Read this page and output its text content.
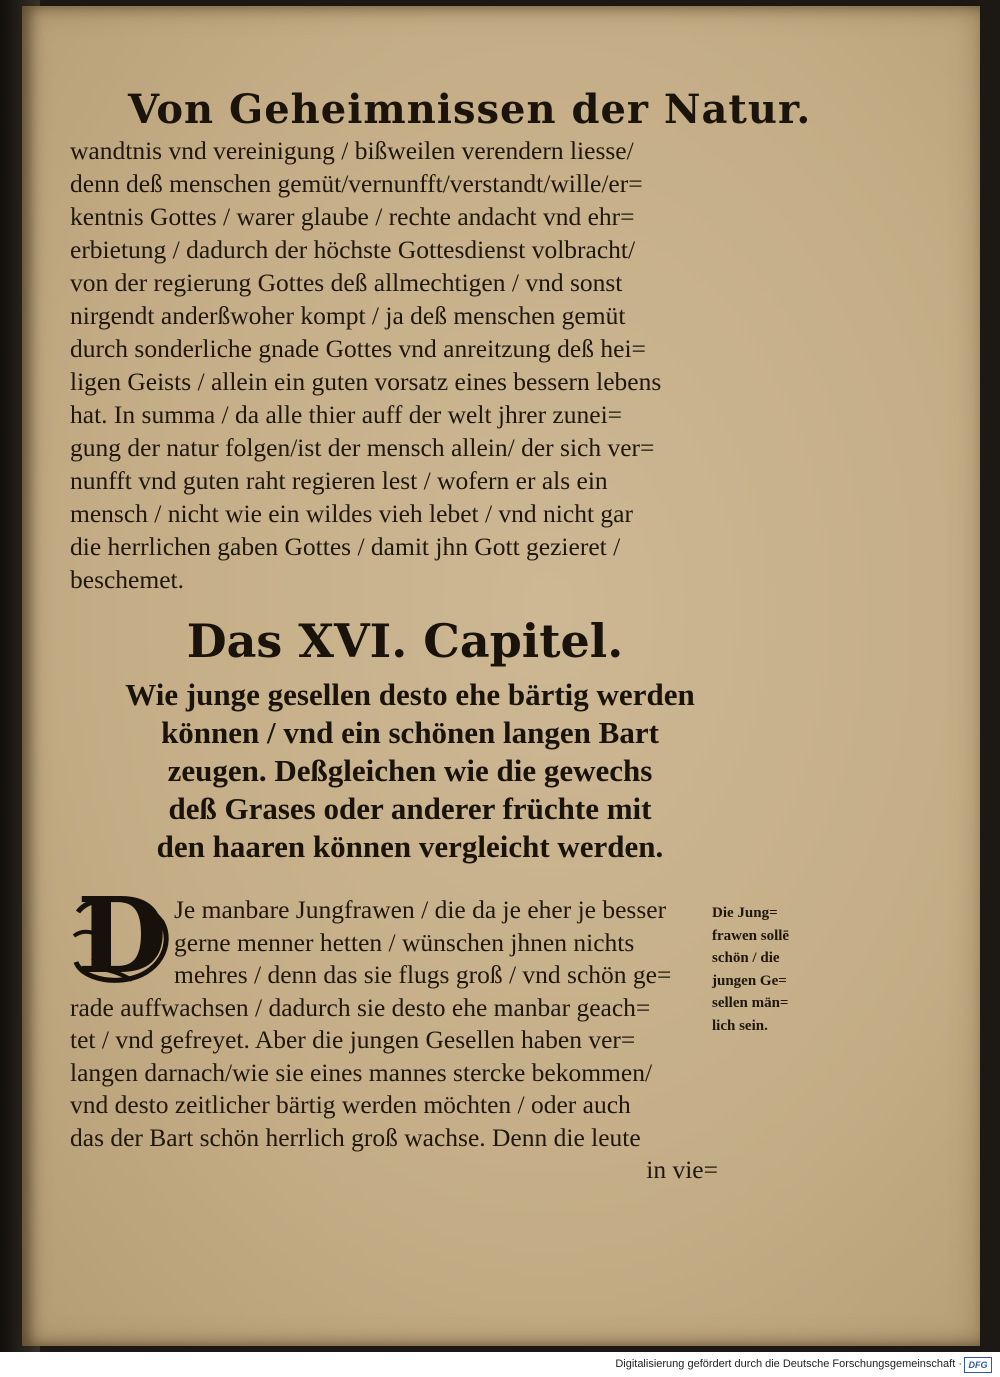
Von Geheimnissen der Natur.
wandtnis vnd vereinigung / bißweilen verendern liesse/
denn deß menschen gemüt/vernunfft/verstandt/wille/er=
kentnis Gottes / warer glaube / rechte andacht vnd ehr=
erbietung / dadurch der höchste Gottesdienst volbracht/
von der regierung Gottes deß allmechtigen / vnd sonst
nirgendt anderßwoher kompt / ja deß menschen gemüt
durch sonderliche gnade Gottes vnd anreitzung deß hei=
ligen Geists / allein ein guten vorsatz eines bessern lebens
hat. In summa / da alle thier auff der welt jhrer zunei=
gung der natur folgen/ist der mensch allein/ der sich ver=
nunfft vnd guten raht regieren lest / wofern er als ein
mensch / nicht wie ein wildes vieh lebet / vnd nicht gar
die herrlichen gaben Gottes / damit jhn Gott gezieret /
beschemet.
Das XVI. Capitel.
Wie junge gesellen desto ehe bärtig werden
können / vnd ein schönen langen Bart
zeugen. Deßgleichen wie die gewechs
deß Grases oder anderer früchte mit
den haaren können vergleicht werden.
D Je manbare Jungfrawen / die da je eher je besser
gerne menner hetten / wünschen jhnen nichts
mehres / denn das sie flugs groß / vnd schön ge=
rade auffwachsen / dadurch sie desto ehe manbar geach=
tet / vnd gefreyet. Aber die jungen Gesellen haben ver=
langen darnach/wie sie eines mannes stercke bekommen/
vnd desto zeitlicher bärtig werden möchten / oder auch
das der Bart schön herrlich groß wachse. Denn die leute
in vie=
Die Jung=
frawen sollē
schön / die
jungen Ge=
sellen män=
lich sein.
Digitalisierung gefördert durch die Deutsche Forschungsgemeinschaft · DFG
